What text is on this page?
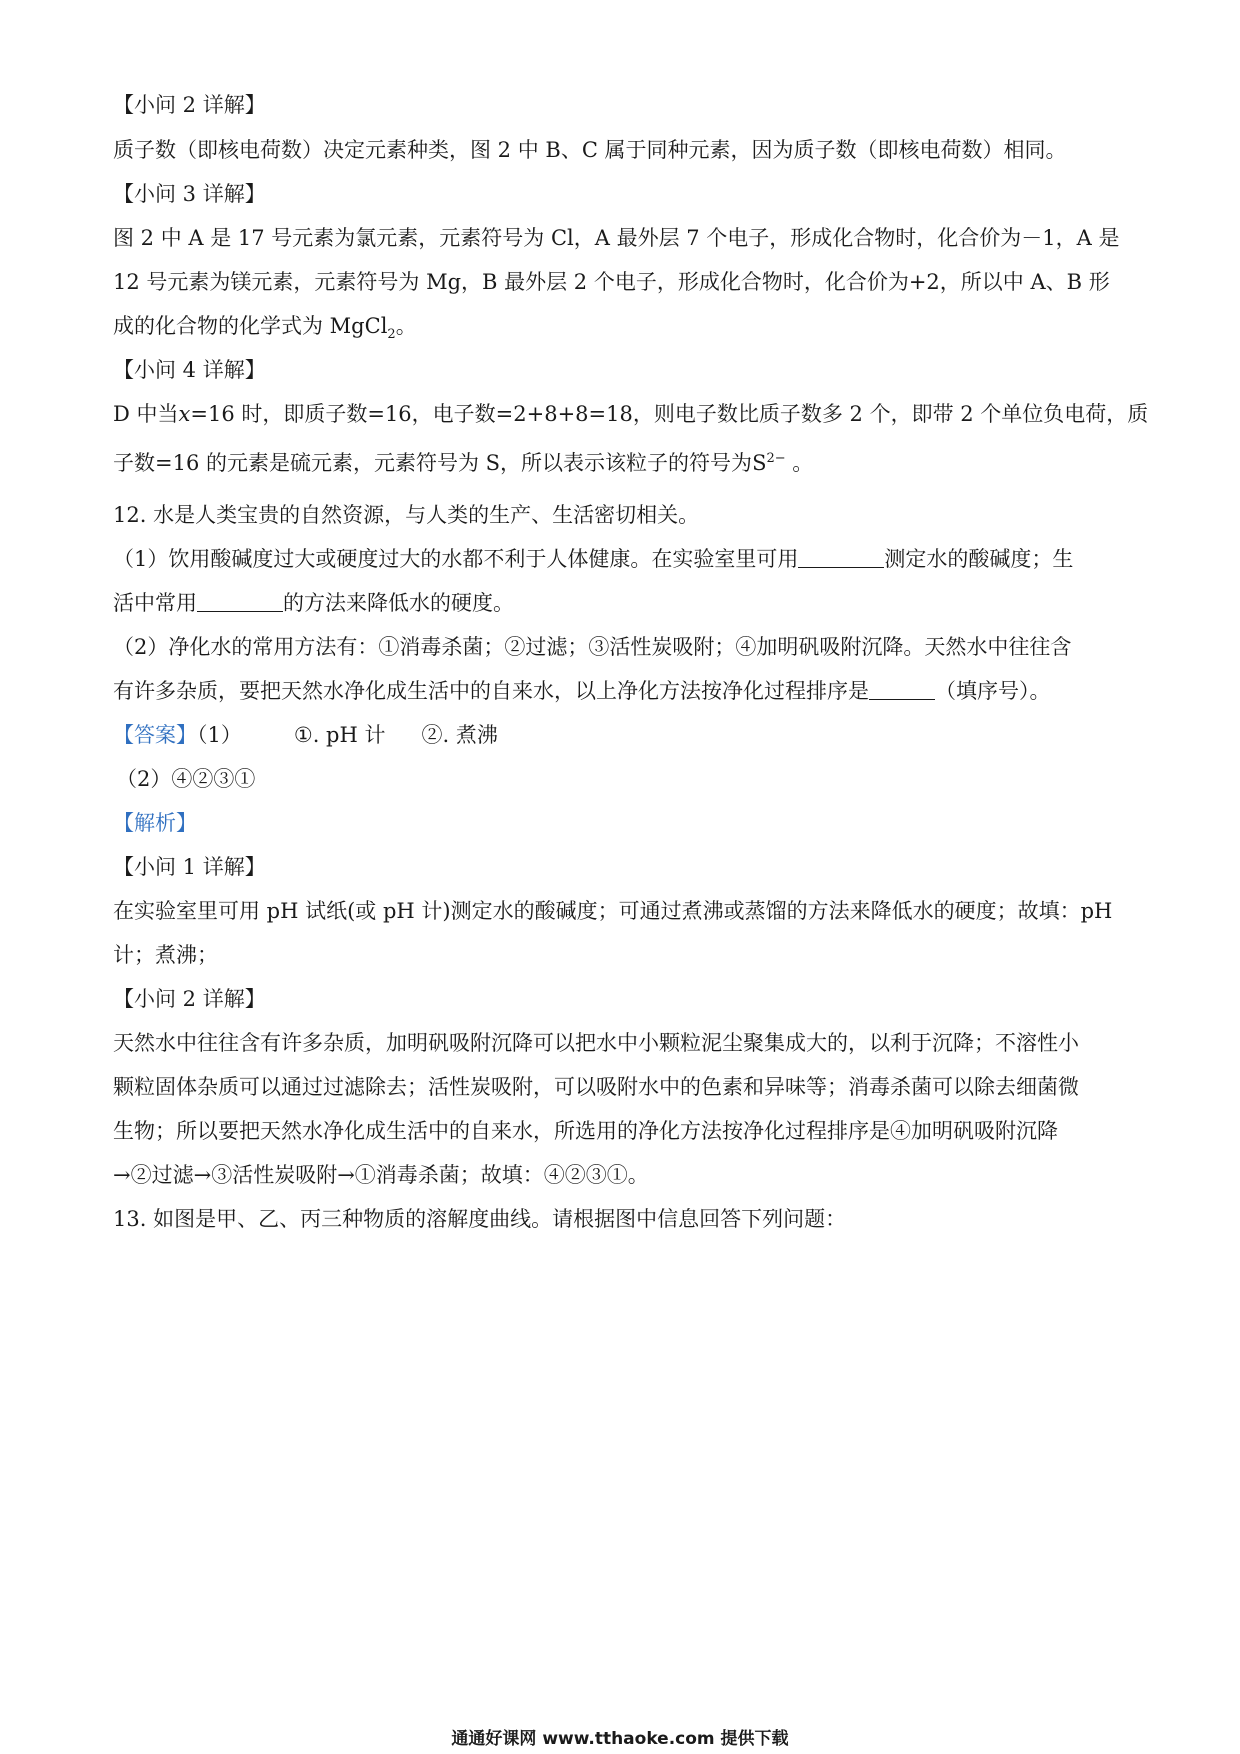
【小问 2 详解】
质子数（即核电荷数）决定元素种类，图 2 中 B、C 属于同种元素，因为质子数（即核电荷数）相同。
【小问 3 详解】
图 2 中 A 是 17 号元素为氯元素，元素符号为 Cl，A 最外层 7 个电子，形成化合物时，化合价为－1，A 是
12 号元素为镁元素，元素符号为 Mg，B 最外层 2 个电子，形成化合物时，化合价为+2，所以中 A、B 形
成的化合物的化学式为 MgCl$_2$。
【小问 4 详解】
D 中当x=16 时，即质子数=16，电子数=2+8+8=18，则电子数比质子数多 2 个，即带 2 个单位负电荷，质
子数=16 的元素是硫元素，元素符号为 S，所以表示该粒子的符号为$S^{2-}$ 。
12. 水是人类宝贵的自然资源，与人类的生产、生活密切相关。
（1）饮用酸碱度过大或硬度过大的水都不利于人体健康。在实验室里可用	测定水的酸碱度；生
活中常用	的方法来降低水的硬度。
（2）净化水的常用方法有：①消毒杀菌；②过滤；③活性炭吸附；④加明矾吸附沉降。天然水中往往含
有许多杂质，要把天然水净化成生活中的自来水，以上净化方法按净化过程排序是	（填序号）。
【答案】（1） ①. pH 计 ②. 煮沸
（2）④②③①
【解析】
【小问 1 详解】
在实验室里可用 pH 试纸(或 pH 计)测定水的酸碱度；可通过煮沸或蒸馏的方法来降低水的硬度；故填：pH
计；煮沸；
【小问 2 详解】
天然水中往往含有许多杂质，加明矾吸附沉降可以把水中小颗粒泥尘聚集成大的，以利于沉降；不溶性小
颗粒固体杂质可以通过过滤除去；活性炭吸附，可以吸附水中的色素和异味等；消毒杀菌可以除去细菌微
生物；所以要把天然水净化成生活中的自来水，所选用的净化方法按净化过程排序是④加明矾吸附沉降
→②过滤→③活性炭吸附→①消毒杀菌；故填：④②③①。
13. 如图是甲、乙、丙三种物质的溶解度曲线。请根据图中信息回答下列问题：
通通好课网 www.tthaoke.com 提供下载
